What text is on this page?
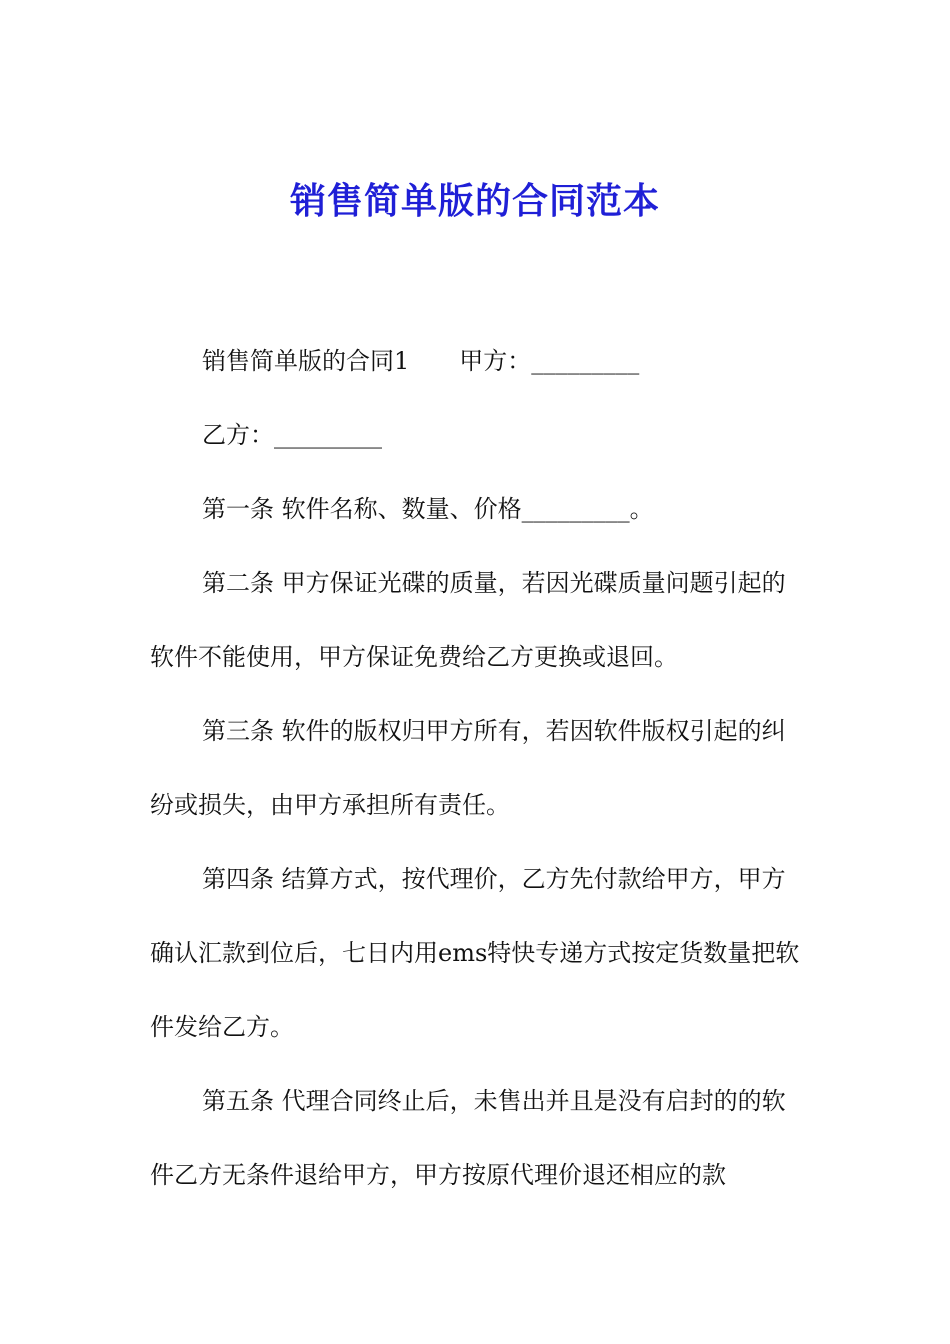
销售简单版的合同范本

销售简单版的合同1 甲方：_________

乙方：_________

第一条 软件名称、数量、价格_________。

第二条 甲方保证光碟的质量，若因光碟质量问题引起的软件不能使用，甲方保证免费给乙方更换或退回。

第三条 软件的版权归甲方所有，若因软件版权引起的纠纷或损失，由甲方承担所有责任。

第四条 结算方式，按代理价，乙方先付款给甲方，甲方确认汇款到位后，七日内用ems特快专递方式按定货数量把软件发给乙方。

第五条 代理合同终止后，未售出并且是没有启封的的软件乙方无条件退给甲方，甲方按原代理价退还相应的款
